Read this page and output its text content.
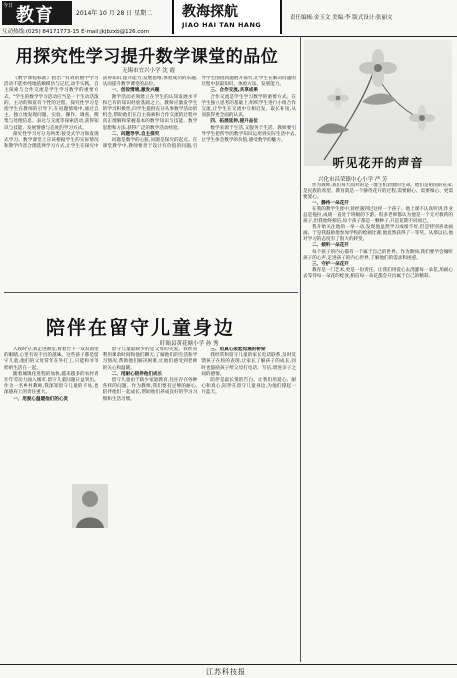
今日 教育	2014年 10 月 28 日 星期二
互动热线:(025) 84171773-15 E-mail:jkjbzxb@126.com
教海探航
JIAO HAI TAN HANG
责任编辑:金玉文 美编:李 版式设计:张丽文
用探究性学习提升数学课堂的品位
无锡市宜兴小学 沈 霞

《数学课程标准》指出:"有效的数学学习活动不能单纯地依赖模仿与记忆,动手实践、自主探索与合作交流是学生学习数学的重要方式。"学生的数学学习活动应当是一个生动活泼的、主动的和富有个性的过程。探究性学习是指学生在教师的引导下,在问题情境中,通过自主、独立地发现问题、实验、操作、调查、搜集与处理信息、表达与交流等探索活动,获得知识与技能、发展情感与态度的学习方式。

探究性学习可分为两类:接受式学习和发现式学习。数学课堂上应该根据学生的实际情况和教学内容合理选择学习方式,让学生在探究中获得知识,提升能力,发展思维,体验成功的乐趣,从而提升数学课堂的品位。

一、创设情境,激发兴趣

教学活动必须建立在学生的认知发展水平和已有的知识经验基础之上。教师应激发学生的学习积极性,向学生提供充分从事数学活动的机会,帮助他们在自主探索和合作交流的过程中真正理解和掌握基本的数学知识与技能、数学思想和方法,获得广泛的数学活动经验。

二、问题导学,自主探究

问题是数学的心脏,问题是探究的起点。在课堂教学中,教师要善于设计有价值的问题,引导学生围绕问题展开探究,让学生在解决问题的过程中获取知识、体验方法、发展能力。

三、合作交流,共享成果

合作交流是学生学习数学的重要方式。在学生独立思考的基础上,组织学生进行小组合作交流,让学生在交流中互相启发、取长补短,从而获得更全面的认识。

四、拓展延伸,提升品位

数学来源于生活,又服务于生活。教师要引导学生把所学的数学知识运用到实际生活中去,让学生体会数学的价值,感受数学的魅力。

听见花开的声音
兴化市昌荣镇中心小学 严 芳

作为教师,我们每天面对的是一群生机勃勃的生命。他们是祖国的花朵,是民族的希望。教育就是一个静待花开的过程,需要耐心、需要细心、更需要爱心。

一、静待一朵花开

在我的教学生涯中,曾经遇到过这样一个孩子。他上课不认真听讲,作业总是拖拉,成绩一直处于班级的下游。很多老师都认为他是一个无可救药的孩子,但我始终相信,每个孩子都是一颗种子,只是花期不同而已。

我开始关注他的一举一动,发现他虽然学习成绩不好,但是特别喜欢画画。于是我鼓励他参加学校的绘画比赛,他竟然获得了一等奖。从那以后,他对学习的态度有了很大的转变。

二、倾听一朵花开

每个孩子的内心都有一个属于自己的世界。作为教师,我们要学会倾听孩子的心声,走进孩子的内心世界,了解他们的需求和困惑。

三、守护一朵花开

教育是一门艺术,更是一份责任。让我们用爱心去浇灌每一朵花,用耐心去等待每一朵花的绽放,相信每一朵花都会开出属于自己的精彩。

陪伴在留守儿童身边
盱眙县黄花塘小学 孙 秀

入夜时分,我走进教室,看着台下一双双渴望的眼睛,心里有说不出的滋味。这些孩子都是留守儿童,他们的父母常年在外打工,只能和爷爷奶奶生活在一起。

随着城镇化进程的加快,越来越多的农村青壮年劳动力涌入城市,留守儿童问题日益突出。作为一名乡村教师,我深知留守儿童的不易,也深感肩上的责任重大。

一、用爱心温暖他们的心灵

留守儿童最缺少的是父母的关爱。我经常利用课余时间和他们聊天,了解他们的生活和学习情况,帮助他们解决困难,让他们感受到老师的关心和温暖。

二、用耐心陪伴他们成长

留守儿童由于缺少家庭教育,往往存在各种各样的问题。作为教师,我们要有足够的耐心,陪伴他们一起成长,帮助他们养成良好的学习习惯和生活习惯。

三、用真心架起沟通的桥梁

我经常和留守儿童的家长电话联系,及时反馈孩子在校的表现,让家长了解孩子的成长,同时也鼓励孩子给父母打电话、写信,增进亲子之间的感情。

陪伴是最长情的告白。让我们用爱心、耐心和真心,陪伴在留守儿童身边,为他们撑起一片蓝天。

江苏科技报
